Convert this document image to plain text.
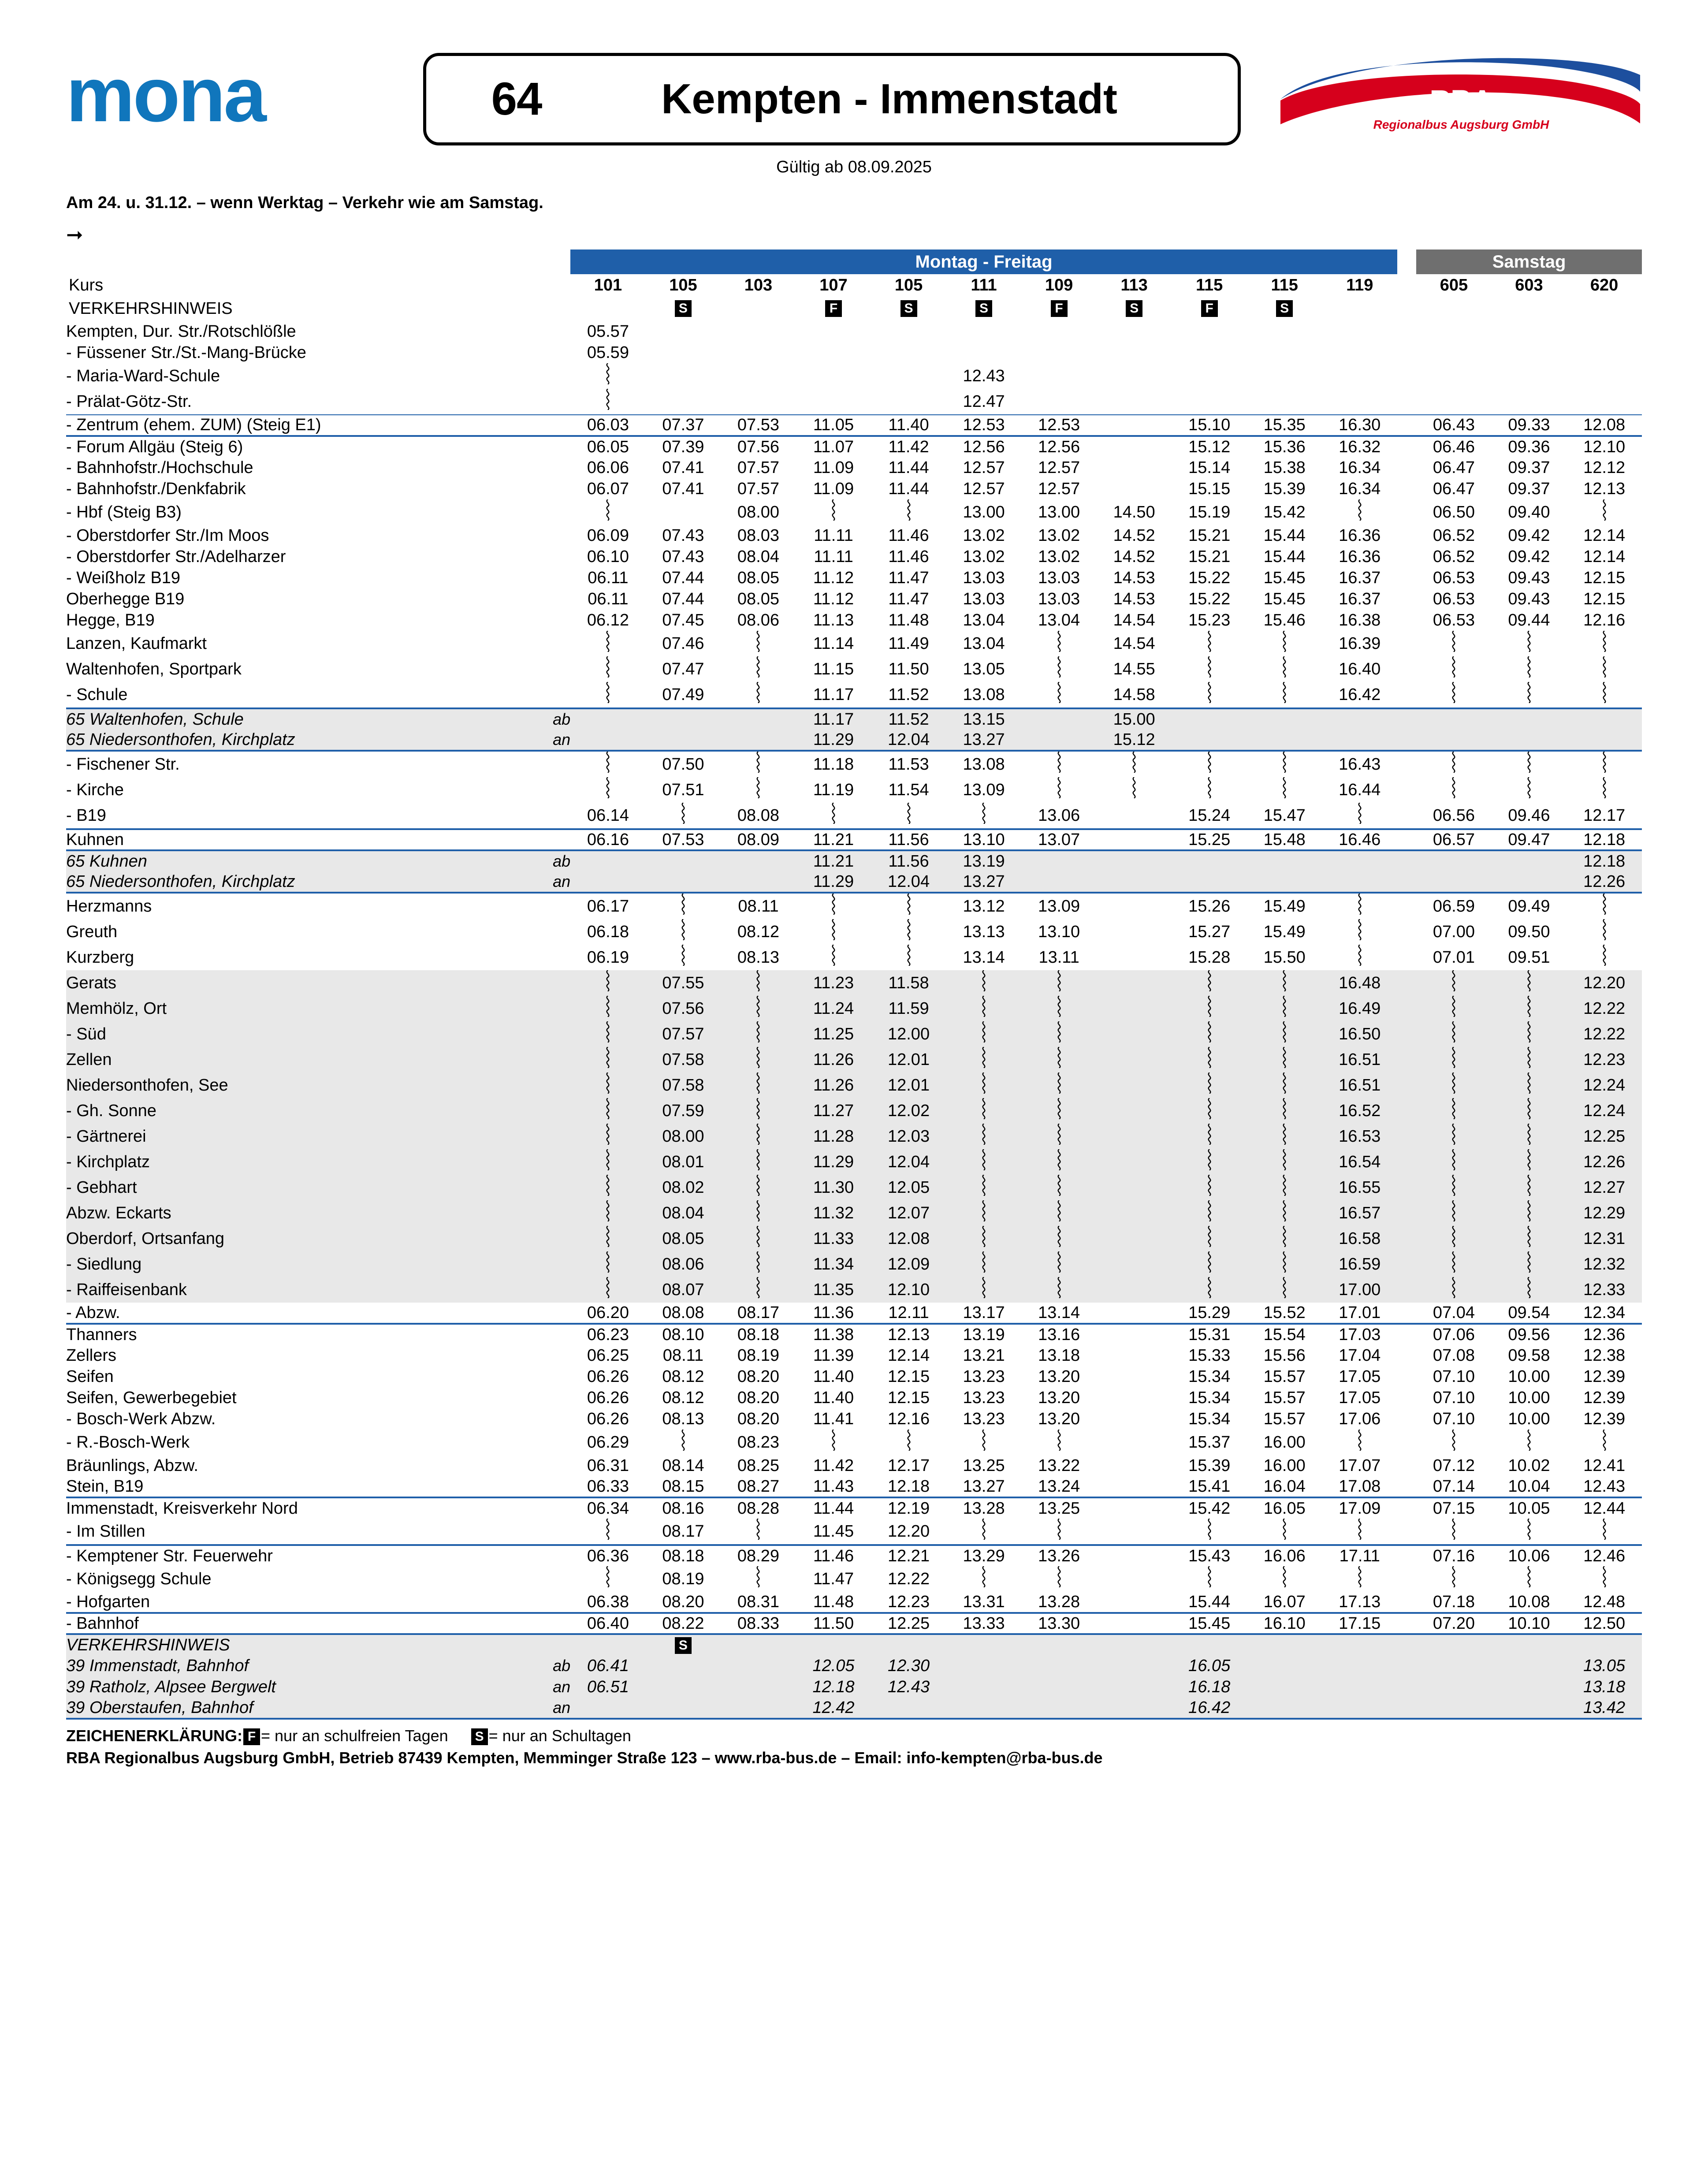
mona	64	Kempten - Immenstadt	RBA
Regionalbus Augsburg GmbH
Gültig ab 08.09.2025
Am 24. u. 31.12. – wenn Werktag – Verkehr wie am Samstag.
➞
		Montag - Freitag												Samstag		
Kurs		101	105	103	107	105	111	109	113	115	115	119		605	603	620
VERKEHRSHINWEIS			S		F	S	S	F	S	F	S					
Kempten, Dur. Str./Rotschlößle		05.57														
- Füssener Str./St.-Mang-Brücke		05.59														
- Maria-Ward-Schule							12.43									
- Prälat-Götz-Str.							12.47									
- Zentrum (ehem. ZUM) (Steig E1)		06.03	07.37	07.53	11.05	11.40	12.53	12.53		15.10	15.35	16.30		06.43	09.33	12.08
- Forum Allgäu (Steig 6)		06.05	07.39	07.56	11.07	11.42	12.56	12.56		15.12	15.36	16.32		06.46	09.36	12.10
- Bahnhofstr./Hochschule		06.06	07.41	07.57	11.09	11.44	12.57	12.57		15.14	15.38	16.34		06.47	09.37	12.12
- Bahnhofstr./Denkfabrik		06.07	07.41	07.57	11.09	11.44	12.57	12.57		15.15	15.39	16.34		06.47	09.37	12.13
- Hbf (Steig B3)				08.00			13.00	13.00	14.50	15.19	15.42			06.50	09.40	
- Oberstdorfer Str./Im Moos		06.09	07.43	08.03	11.11	11.46	13.02	13.02	14.52	15.21	15.44	16.36		06.52	09.42	12.14
- Oberstdorfer Str./Adelharzer		06.10	07.43	08.04	11.11	11.46	13.02	13.02	14.52	15.21	15.44	16.36		06.52	09.42	12.14
- Weißholz B19		06.11	07.44	08.05	11.12	11.47	13.03	13.03	14.53	15.22	15.45	16.37		06.53	09.43	12.15
Oberhegge B19		06.11	07.44	08.05	11.12	11.47	13.03	13.03	14.53	15.22	15.45	16.37		06.53	09.43	12.15
Hegge, B19		06.12	07.45	08.06	11.13	11.48	13.04	13.04	14.54	15.23	15.46	16.38		06.53	09.44	12.16
Lanzen, Kaufmarkt			07.46		11.14	11.49	13.04		14.54			16.39				
Waltenhofen, Sportpark			07.47		11.15	11.50	13.05		14.55			16.40				
- Schule			07.49		11.17	11.52	13.08		14.58			16.42				
65 Waltenhofen, Schule	ab				11.17	11.52	13.15		15.00							
65 Niedersonthofen, Kirchplatz	an				11.29	12.04	13.27		15.12							
- Fischener Str.			07.50		11.18	11.53	13.08					16.43				
- Kirche			07.51		11.19	11.54	13.09					16.44				
- B19		06.14		08.08				13.06		15.24	15.47			06.56	09.46	12.17
Kuhnen		06.16	07.53	08.09	11.21	11.56	13.10	13.07		15.25	15.48	16.46		06.57	09.47	12.18
65 Kuhnen	ab				11.21	11.56	13.19									12.18
65 Niedersonthofen, Kirchplatz	an				11.29	12.04	13.27									12.26
Herzmanns		06.17		08.11			13.12	13.09		15.26	15.49			06.59	09.49	
Greuth		06.18		08.12			13.13	13.10		15.27	15.49			07.00	09.50	
Kurzberg		06.19		08.13			13.14	13.11		15.28	15.50			07.01	09.51	
Gerats			07.55		11.23	11.58						16.48				12.20
Memhölz, Ort			07.56		11.24	11.59						16.49				12.22
- Süd			07.57		11.25	12.00						16.50				12.22
Zellen			07.58		11.26	12.01						16.51				12.23
Niedersonthofen, See			07.58		11.26	12.01						16.51				12.24
- Gh. Sonne			07.59		11.27	12.02						16.52				12.24
- Gärtnerei			08.00		11.28	12.03						16.53				12.25
- Kirchplatz			08.01		11.29	12.04						16.54				12.26
- Gebhart			08.02		11.30	12.05						16.55				12.27
Abzw. Eckarts			08.04		11.32	12.07						16.57				12.29
Oberdorf, Ortsanfang			08.05		11.33	12.08						16.58				12.31
- Siedlung			08.06		11.34	12.09						16.59				12.32
- Raiffeisenbank			08.07		11.35	12.10						17.00				12.33
- Abzw.		06.20	08.08	08.17	11.36	12.11	13.17	13.14		15.29	15.52	17.01		07.04	09.54	12.34
Thanners		06.23	08.10	08.18	11.38	12.13	13.19	13.16		15.31	15.54	17.03		07.06	09.56	12.36
Zellers		06.25	08.11	08.19	11.39	12.14	13.21	13.18		15.33	15.56	17.04		07.08	09.58	12.38
Seifen		06.26	08.12	08.20	11.40	12.15	13.23	13.20		15.34	15.57	17.05		07.10	10.00	12.39
Seifen, Gewerbegebiet		06.26	08.12	08.20	11.40	12.15	13.23	13.20		15.34	15.57	17.05		07.10	10.00	12.39
- Bosch-Werk Abzw.		06.26	08.13	08.20	11.41	12.16	13.23	13.20		15.34	15.57	17.06		07.10	10.00	12.39
- R.-Bosch-Werk		06.29		08.23						15.37	16.00					
Bräunlings, Abzw.		06.31	08.14	08.25	11.42	12.17	13.25	13.22		15.39	16.00	17.07		07.12	10.02	12.41
Stein, B19		06.33	08.15	08.27	11.43	12.18	13.27	13.24		15.41	16.04	17.08		07.14	10.04	12.43
Immenstadt, Kreisverkehr Nord		06.34	08.16	08.28	11.44	12.19	13.28	13.25		15.42	16.05	17.09		07.15	10.05	12.44
- Im Stillen			08.17		11.45	12.20										
- Kemptener Str. Feuerwehr		06.36	08.18	08.29	11.46	12.21	13.29	13.26		15.43	16.06	17.11		07.16	10.06	12.46
- Königsegg Schule			08.19		11.47	12.22										
- Hofgarten		06.38	08.20	08.31	11.48	12.23	13.31	13.28		15.44	16.07	17.13		07.18	10.08	12.48
- Bahnhof		06.40	08.22	08.33	11.50	12.25	13.33	13.30		15.45	16.10	17.15		07.20	10.10	12.50
VERKEHRSHINWEIS			S													
39 Immenstadt, Bahnhof	ab	06.41			12.05	12.30				16.05						13.05
39 Ratholz, Alpsee Bergwelt	an	06.51			12.18	12.43				16.18						13.18
39 Oberstaufen, Bahnhof	an				12.42					16.42						13.42
ZEICHENERKLÄRUNG: F = nur an schulfreien Tagen S = nur an Schultagen
RBA Regionalbus Augsburg GmbH, Betrieb 87439 Kempten, Memminger Straße 123 – www.rba-bus.de – Email: info-kempten@rba-bus.de
